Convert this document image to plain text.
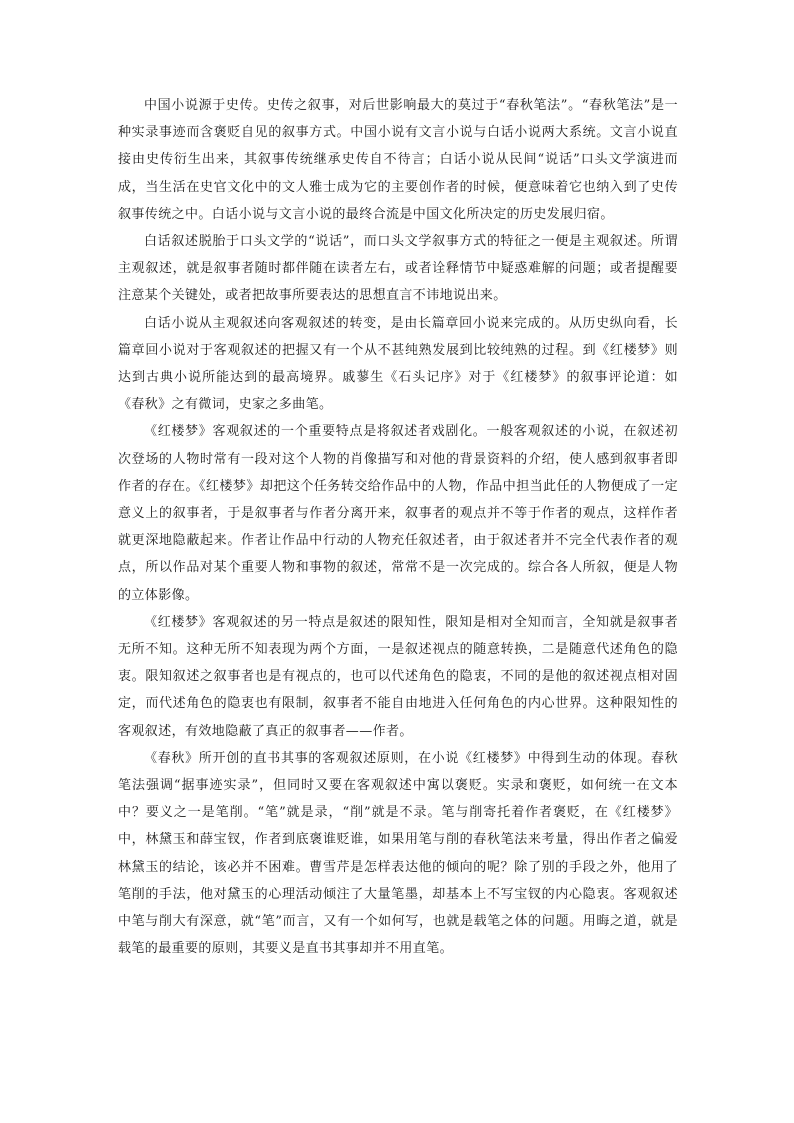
中国小说源于史传。史传之叙事，对后世影响最大的莫过于“春秋笔法”。“春秋笔法”是一种实录事迹而含褒贬自见的叙事方式。中国小说有文言小说与白话小说两大系统。文言小说直接由史传衍生出来，其叙事传统继承史传自不待言；白话小说从民间“说话”口头文学演进而成，当生活在史官文化中的文人雅士成为它的主要创作者的时候，便意味着它也纳入到了史传叙事传统之中。白话小说与文言小说的最终合流是中国文化所决定的历史发展归宿。

白话叙述脱胎于口头文学的“说话”，而口头文学叙事方式的特征之一便是主观叙述。所谓主观叙述，就是叙事者随时都伴随在读者左右，或者诠释情节中疑惑难解的问题；或者提醒要注意某个关键处，或者把故事所要表达的思想直言不讳地说出来。

白话小说从主观叙述向客观叙述的转变，是由长篇章回小说来完成的。从历史纵向看，长篇章回小说对于客观叙述的把握又有一个从不甚纯熟发展到比较纯熟的过程。到《红楼梦》则达到古典小说所能达到的最高境界。戚蓼生《石头记序》对于《红楼梦》的叙事评论道：如《春秋》之有微词，史家之多曲笔。

《红楼梦》客观叙述的一个重要特点是将叙述者戏剧化。一般客观叙述的小说，在叙述初次登场的人物时常有一段对这个人物的肖像描写和对他的背景资料的介绍，使人感到叙事者即作者的存在。《红楼梦》却把这个任务转交给作品中的人物，作品中担当此任的人物便成了一定意义上的叙事者，于是叙事者与作者分离开来，叙事者的观点并不等于作者的观点，这样作者就更深地隐蔽起来。作者让作品中行动的人物充任叙述者，由于叙述者并不完全代表作者的观点，所以作品对某个重要人物和事物的叙述，常常不是一次完成的。综合各人所叙，便是人物的立体影像。

《红楼梦》客观叙述的另一特点是叙述的限知性，限知是相对全知而言，全知就是叙事者无所不知。这种无所不知表现为两个方面，一是叙述视点的随意转换，二是随意代述角色的隐衷。限知叙述之叙事者也是有视点的，也可以代述角色的隐衷，不同的是他的叙述视点相对固定，而代述角色的隐衷也有限制，叙事者不能自由地进入任何角色的内心世界。这种限知性的客观叙述，有效地隐蔽了真正的叙事者——作者。

《春秋》所开创的直书其事的客观叙述原则，在小说《红楼梦》中得到生动的体现。春秋笔法强调“据事迹实录”，但同时又要在客观叙述中寓以褒贬。实录和褒贬，如何统一在文本中？要义之一是笔削。“笔”就是录，“削”就是不录。笔与削寄托着作者褒贬，在《红楼梦》中，林黛玉和薛宝钗，作者到底褒谁贬谁，如果用笔与削的春秋笔法来考量，得出作者之偏爱林黛玉的结论，该必并不困难。曹雪芹是怎样表达他的倾向的呢？除了别的手段之外，他用了笔削的手法，他对黛玉的心理活动倾注了大量笔墨，却基本上不写宝钗的内心隐衷。客观叙述中笔与削大有深意，就“笔”而言，又有一个如何写，也就是载笔之体的问题。用晦之道，就是载笔的最重要的原则，其要义是直书其事却并不用直笔。
